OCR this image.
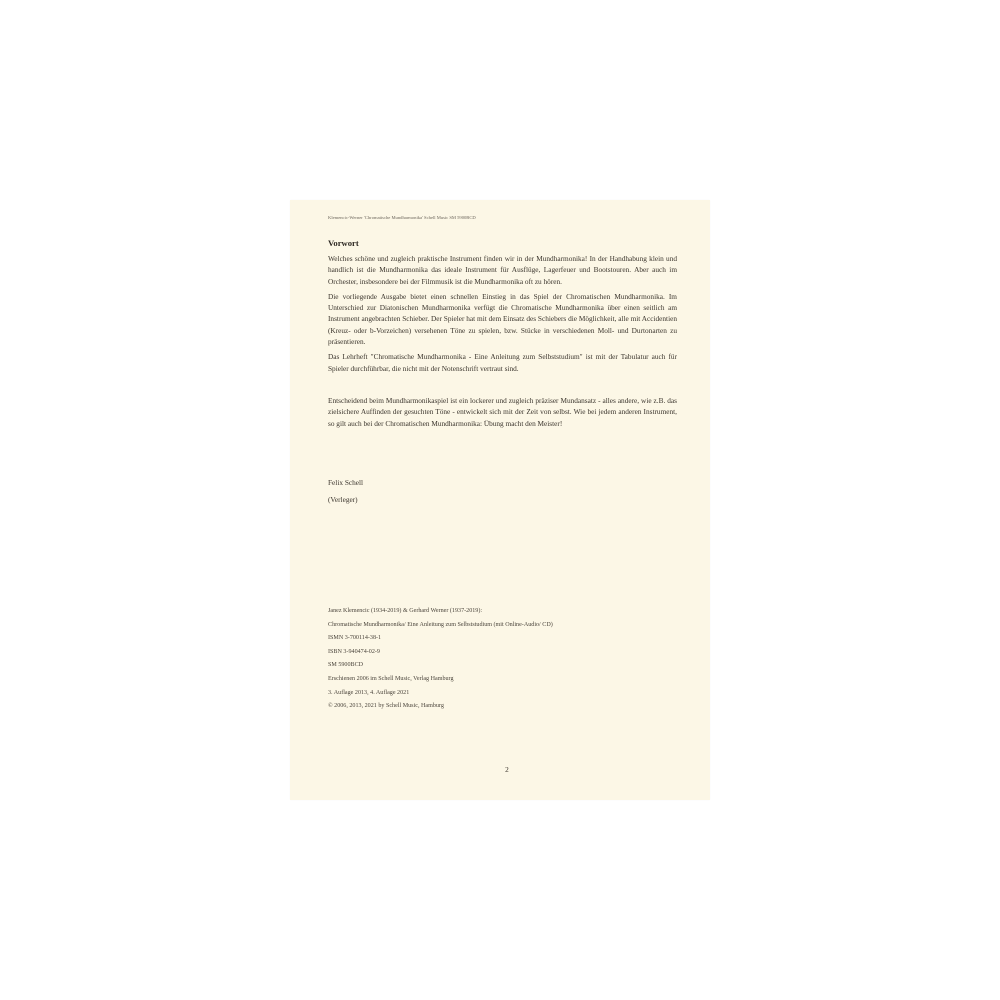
Klemencic-Werner 'Chromatische Mundharmonika' Schell Music SM 5900BCD
Vorwort

Welches schöne und zugleich praktische Instrument finden wir in der Mundharmonika! In der Handhabung klein und handlich ist die Mundharmonika das ideale Instrument für Ausflüge, Lagerfeuer und Bootstouren. Aber auch im Orchester, insbesondere bei der Filmmusik ist die Mundharmonika oft zu hören.

Die vorliegende Ausgabe bietet einen schnellen Einstieg in das Spiel der Chromatischen Mundharmonika. Im Unterschied zur Diatonischen Mundharmonika verfügt die Chromatische Mundharmonika über einen seitlich am Instrument angebrachten Schieber. Der Spieler hat mit dem Einsatz des Schiebers die Möglichkeit, alle mit Accidentien (Kreuz- oder b-Vorzeichen) versehenen Töne zu spielen, bzw. Stücke in verschiedenen Moll- und Durtonarten zu präsentieren.

Das Lehrheft "Chromatische Mundharmonika - Eine Anleitung zum Selbststudium" ist mit der Tabulatur auch für Spieler durchführbar, die nicht mit der Notenschrift vertraut sind.

Entscheidend beim Mundharmonikaspiel ist ein lockerer und zugleich präziser Mundansatz - alles andere, wie z.B. das zielsichere Auffinden der gesuchten Töne - entwickelt sich mit der Zeit von selbst. Wie bei jedem anderen Instrument, so gilt auch bei der Chromatischen Mundharmonika: Übung macht den Meister!

Felix Schell
(Verleger)
Janez Klemencic (1934-2019) & Gerhard Werner (1937-2019):
Chromatische Mundharmonika/ Eine Anleitung zum Selbststudium (mit Online-Audio/ CD)
ISMN 3-700114-38-1
ISBN 3-940474-02-9
SM 5900BCD
Erschienen 2006 im Schell Music, Verlag Hamburg
3. Auflage 2013, 4. Auflage 2021
© 2006, 2013, 2021 by Schell Music, Hamburg
2
